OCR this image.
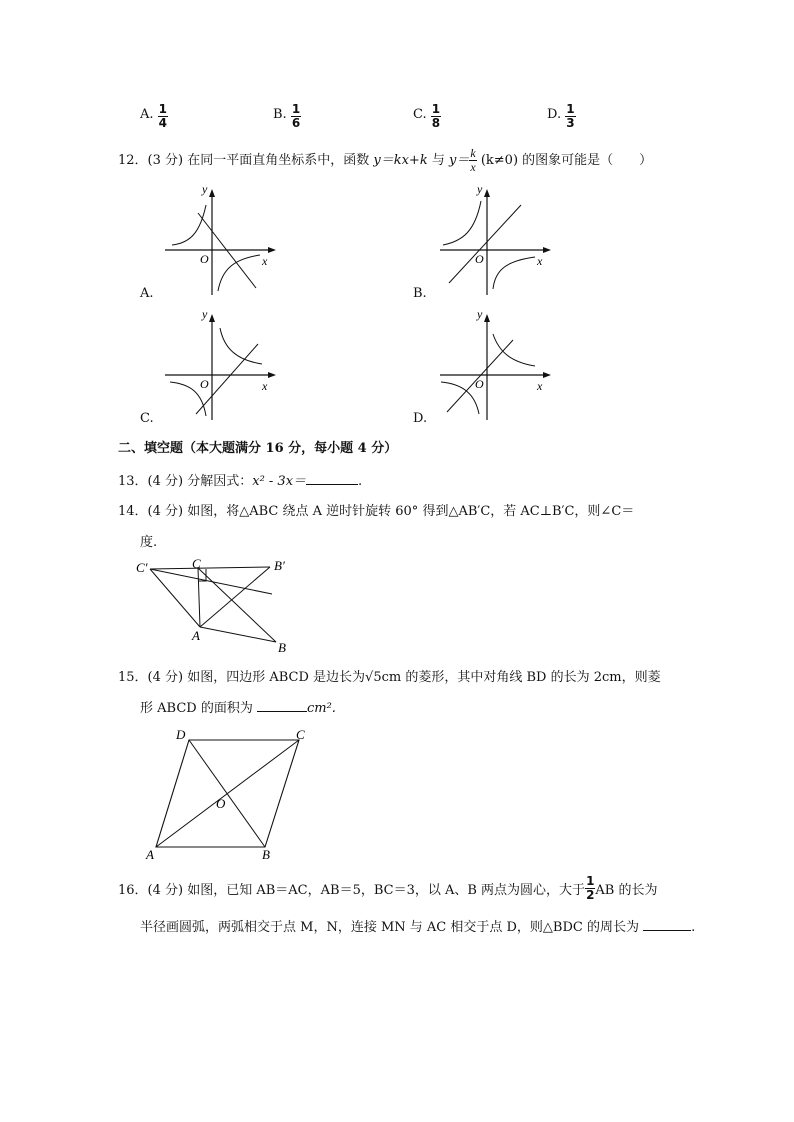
A. $\frac{1}{4}$	B. $\frac{1}{6}$	C. $\frac{1}{8}$	D. $\frac{1}{3}$
12．(3 分) 在同一平面直角坐标系中，函数 y＝kx+k 与 $y= \frac{k}{x} (k\ne 0)$ 的图象可能是（　　）
y
x
O
A.
y
x
O
B.
y
x
O
C.
y
x
O
D.
二、填空题（本大题满分 16 分，每小题 4 分）
13．(4 分) 分解因式：x² - 3x＝	.
14．(4 分) 如图，将△ABC 绕点 A 逆时针旋转 60° 得到△AB′C，若 AC⊥B′C，则∠C＝
度.
C
C′	B′
A
B
15．(4 分) 如图，四边形 ABCD 是边长为√5cm 的菱形，其中对角线 BD 的长为 2cm，则菱
形 ABCD 的面积为	cm².
A	B
C
D
O
16．(4 分) 如图，已知 AB＝AC，AB＝5，BC＝3，以 A、B 两点为圆心，大于 $\frac{1}{2}$ AB 的长为
半径画圆弧，两弧相交于点 M，N，连接 MN 与 AC 相交于点 D，则△BDC 的周长为	.
